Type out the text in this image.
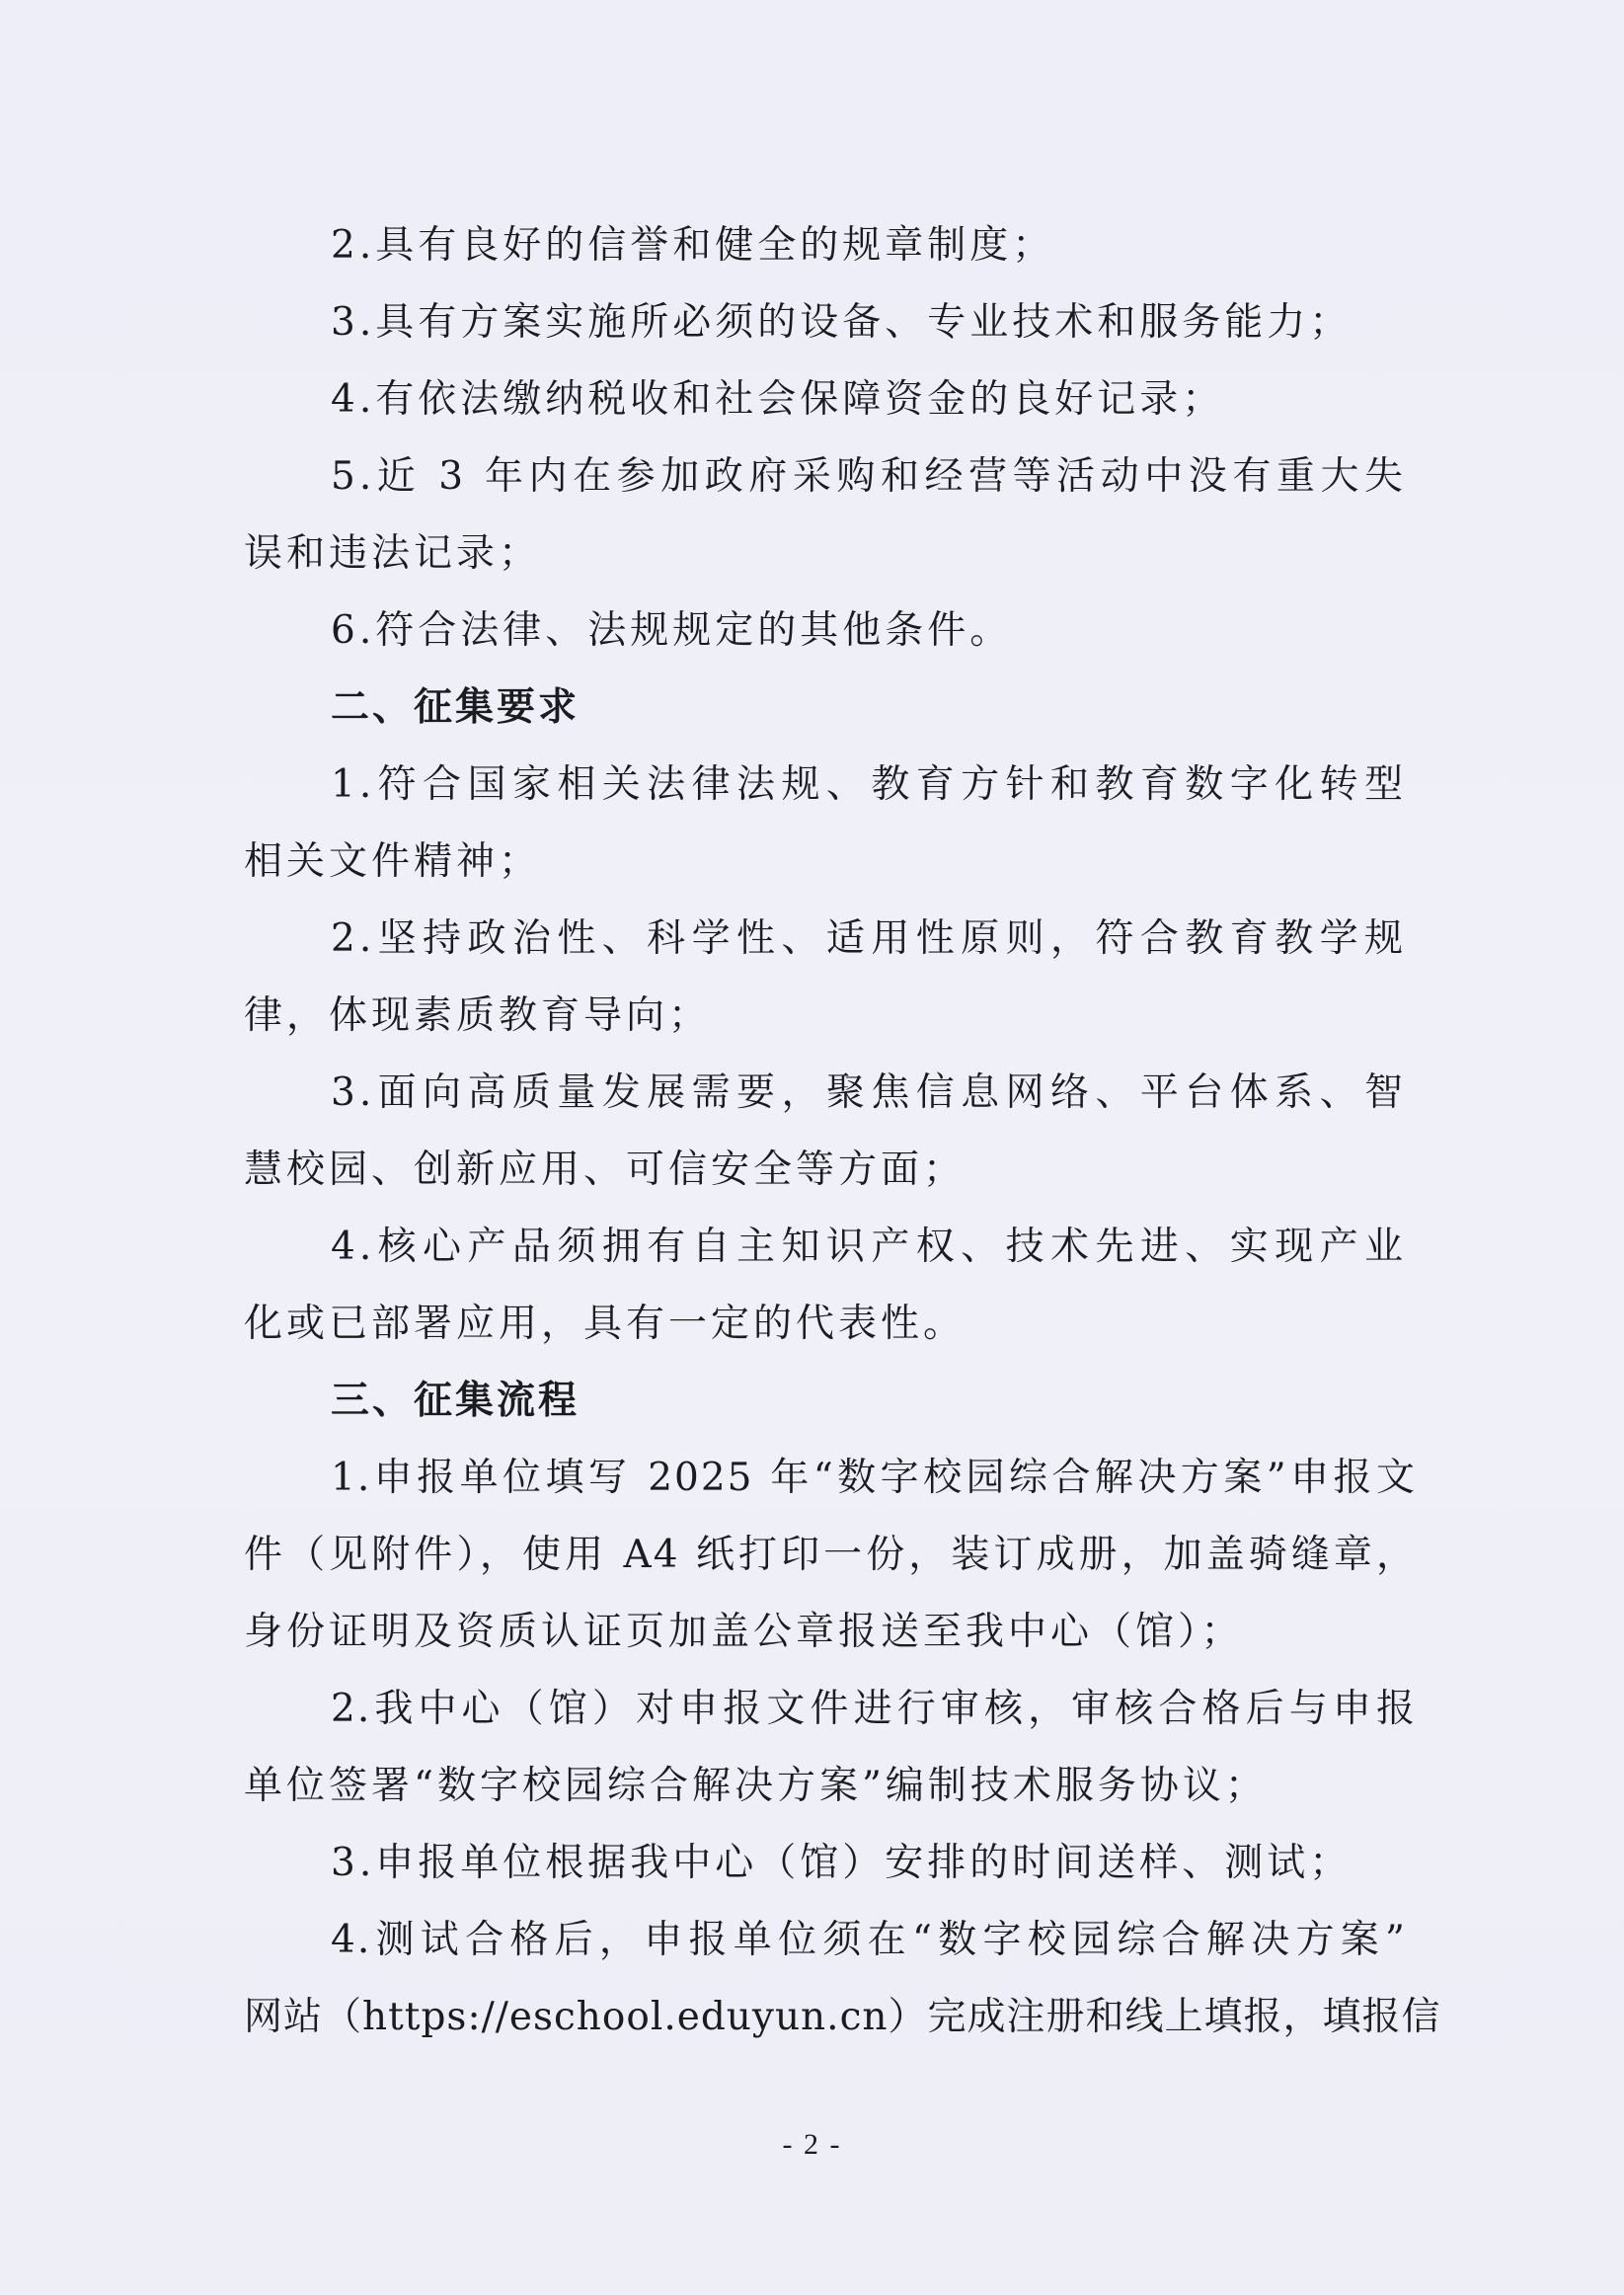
2.具有良好的信誉和健全的规章制度；
3.具有方案实施所必须的设备、专业技术和服务能力；
4.有依法缴纳税收和社会保障资金的良好记录；
5.近 3 年内在参加政府采购和经营等活动中没有重大失
误和违法记录；
6.符合法律、法规规定的其他条件。
二、征集要求
1.符合国家相关法律法规、教育方针和教育数字化转型
相关文件精神；
2.坚持政治性、科学性、适用性原则，符合教育教学规
律，体现素质教育导向；
3.面向高质量发展需要，聚焦信息网络、平台体系、智
慧校园、创新应用、可信安全等方面；
4.核心产品须拥有自主知识产权、技术先进、实现产业
化或已部署应用，具有一定的代表性。
三、征集流程
1.申报单位填写 2025 年“数字校园综合解决方案”申报文
件（见附件），使用 A4 纸打印一份，装订成册，加盖骑缝章，
身份证明及资质认证页加盖公章报送至我中心（馆）；
2.我中心（馆）对申报文件进行审核，审核合格后与申报
单位签署“数字校园综合解决方案”编制技术服务协议；
3.申报单位根据我中心（馆）安排的时间送样、测试；
4.测试合格后，申报单位须在“数字校园综合解决方案”
网站（https://eschool.eduyun.cn）完成注册和线上填报，填报信
- 2 -
